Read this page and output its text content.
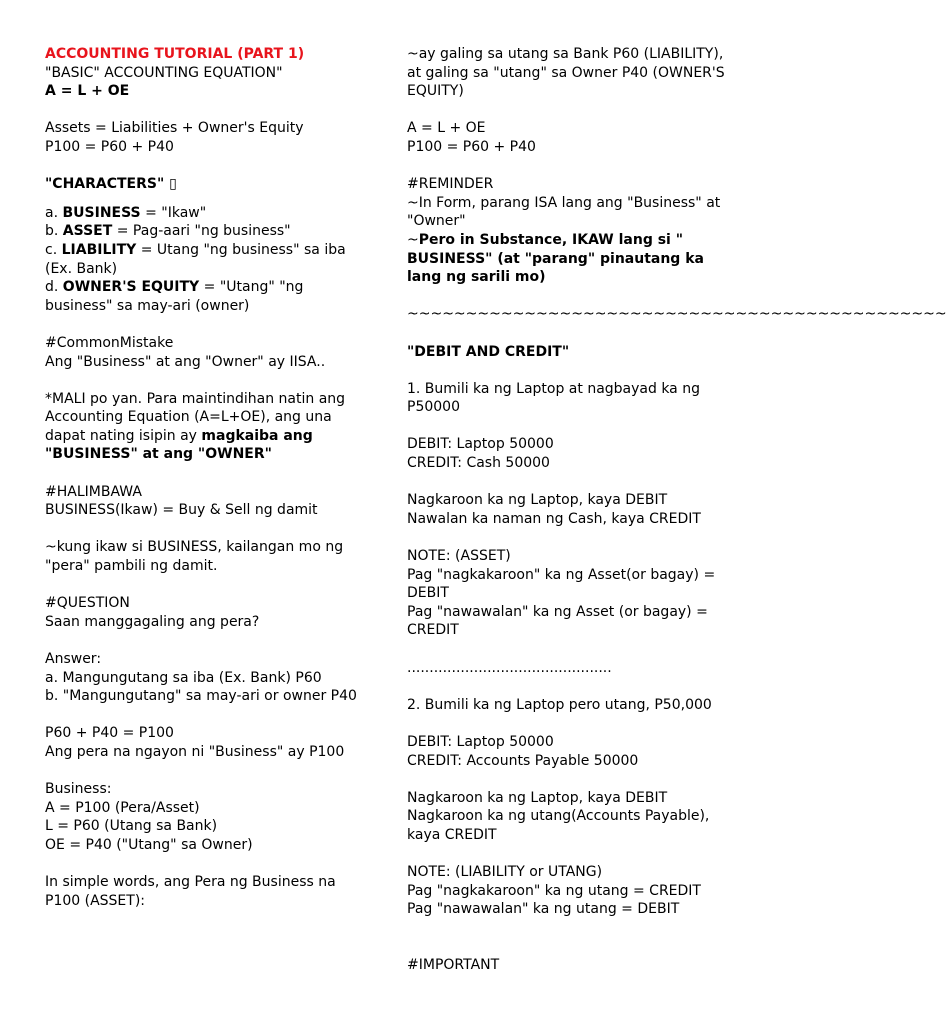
ACCOUNTING TUTORIAL (PART 1)
"BASIC" ACCOUNTING EQUATION"
A = L + OE
Assets = Liabilities + Owner's Equity
P100 = P60 + P40
"CHARACTERS" ▯
a. BUSINESS = "Ikaw"
b. ASSET = Pag-aari "ng business"
c. LIABILITY = Utang "ng business" sa iba (Ex. Bank)
d. OWNER'S EQUITY = "Utang" "ng business" sa may-ari (owner)
#CommonMistake
Ang "Business" at ang "Owner" ay IISA..
*MALI po yan. Para maintindihan natin ang Accounting Equation (A=L+OE), ang una dapat nating isipin ay magkaiba ang "BUSINESS" at ang "OWNER"
#HALIMBAWA
BUSINESS(Ikaw) = Buy & Sell ng damit
~kung ikaw si BUSINESS, kailangan mo ng "pera" pambili ng damit.
#QUESTION
Saan manggagaling ang pera?
Answer:
a. Mangungutang sa iba (Ex. Bank) P60
b. "Mangungutang" sa may-ari or owner P40
P60 + P40 = P100
Ang pera na ngayon ni "Business" ay P100
Business:
A = P100 (Pera/Asset)
L = P60 (Utang sa Bank)
OE = P40 ("Utang" sa Owner)
In simple words, ang Pera ng Business na P100 (ASSET):
~ay galing sa utang sa Bank P60 (LIABILITY), at galing sa "utang" sa Owner P40 (OWNER'S EQUITY)
A = L + OE
P100 = P60 + P40
#REMINDER
~In Form, parang ISA lang ang "Business" at "Owner"
~Pero in Substance, IKAW lang si " BUSINESS" (at "parang" pinautang ka lang ng sarili mo)
~~~~~~~~~~~~~~~~~~~~~~~~~~~~~~~~~~~~~~~~~~~~~~
"DEBIT AND CREDIT"
1. Bumili ka ng Laptop at nagbayad ka ng P50000
DEBIT: Laptop 50000
CREDIT: Cash 50000
Nagkaroon ka ng Laptop, kaya DEBIT
Nawalan ka naman ng Cash, kaya CREDIT
NOTE: (ASSET)
Pag "nagkakaroon" ka ng Asset(or bagay) = DEBIT
Pag "nawawalan" ka ng Asset (or bagay) = CREDIT
..............................................
2. Bumili ka ng Laptop pero utang, P50,000
DEBIT: Laptop 50000
CREDIT: Accounts Payable 50000
Nagkaroon ka ng Laptop, kaya DEBIT
Nagkaroon ka ng utang(Accounts Payable), kaya CREDIT
NOTE: (LIABILITY or UTANG)
Pag "nagkakaroon" ka ng utang = CREDIT
Pag "nawawalan" ka ng utang = DEBIT
#IMPORTANT
